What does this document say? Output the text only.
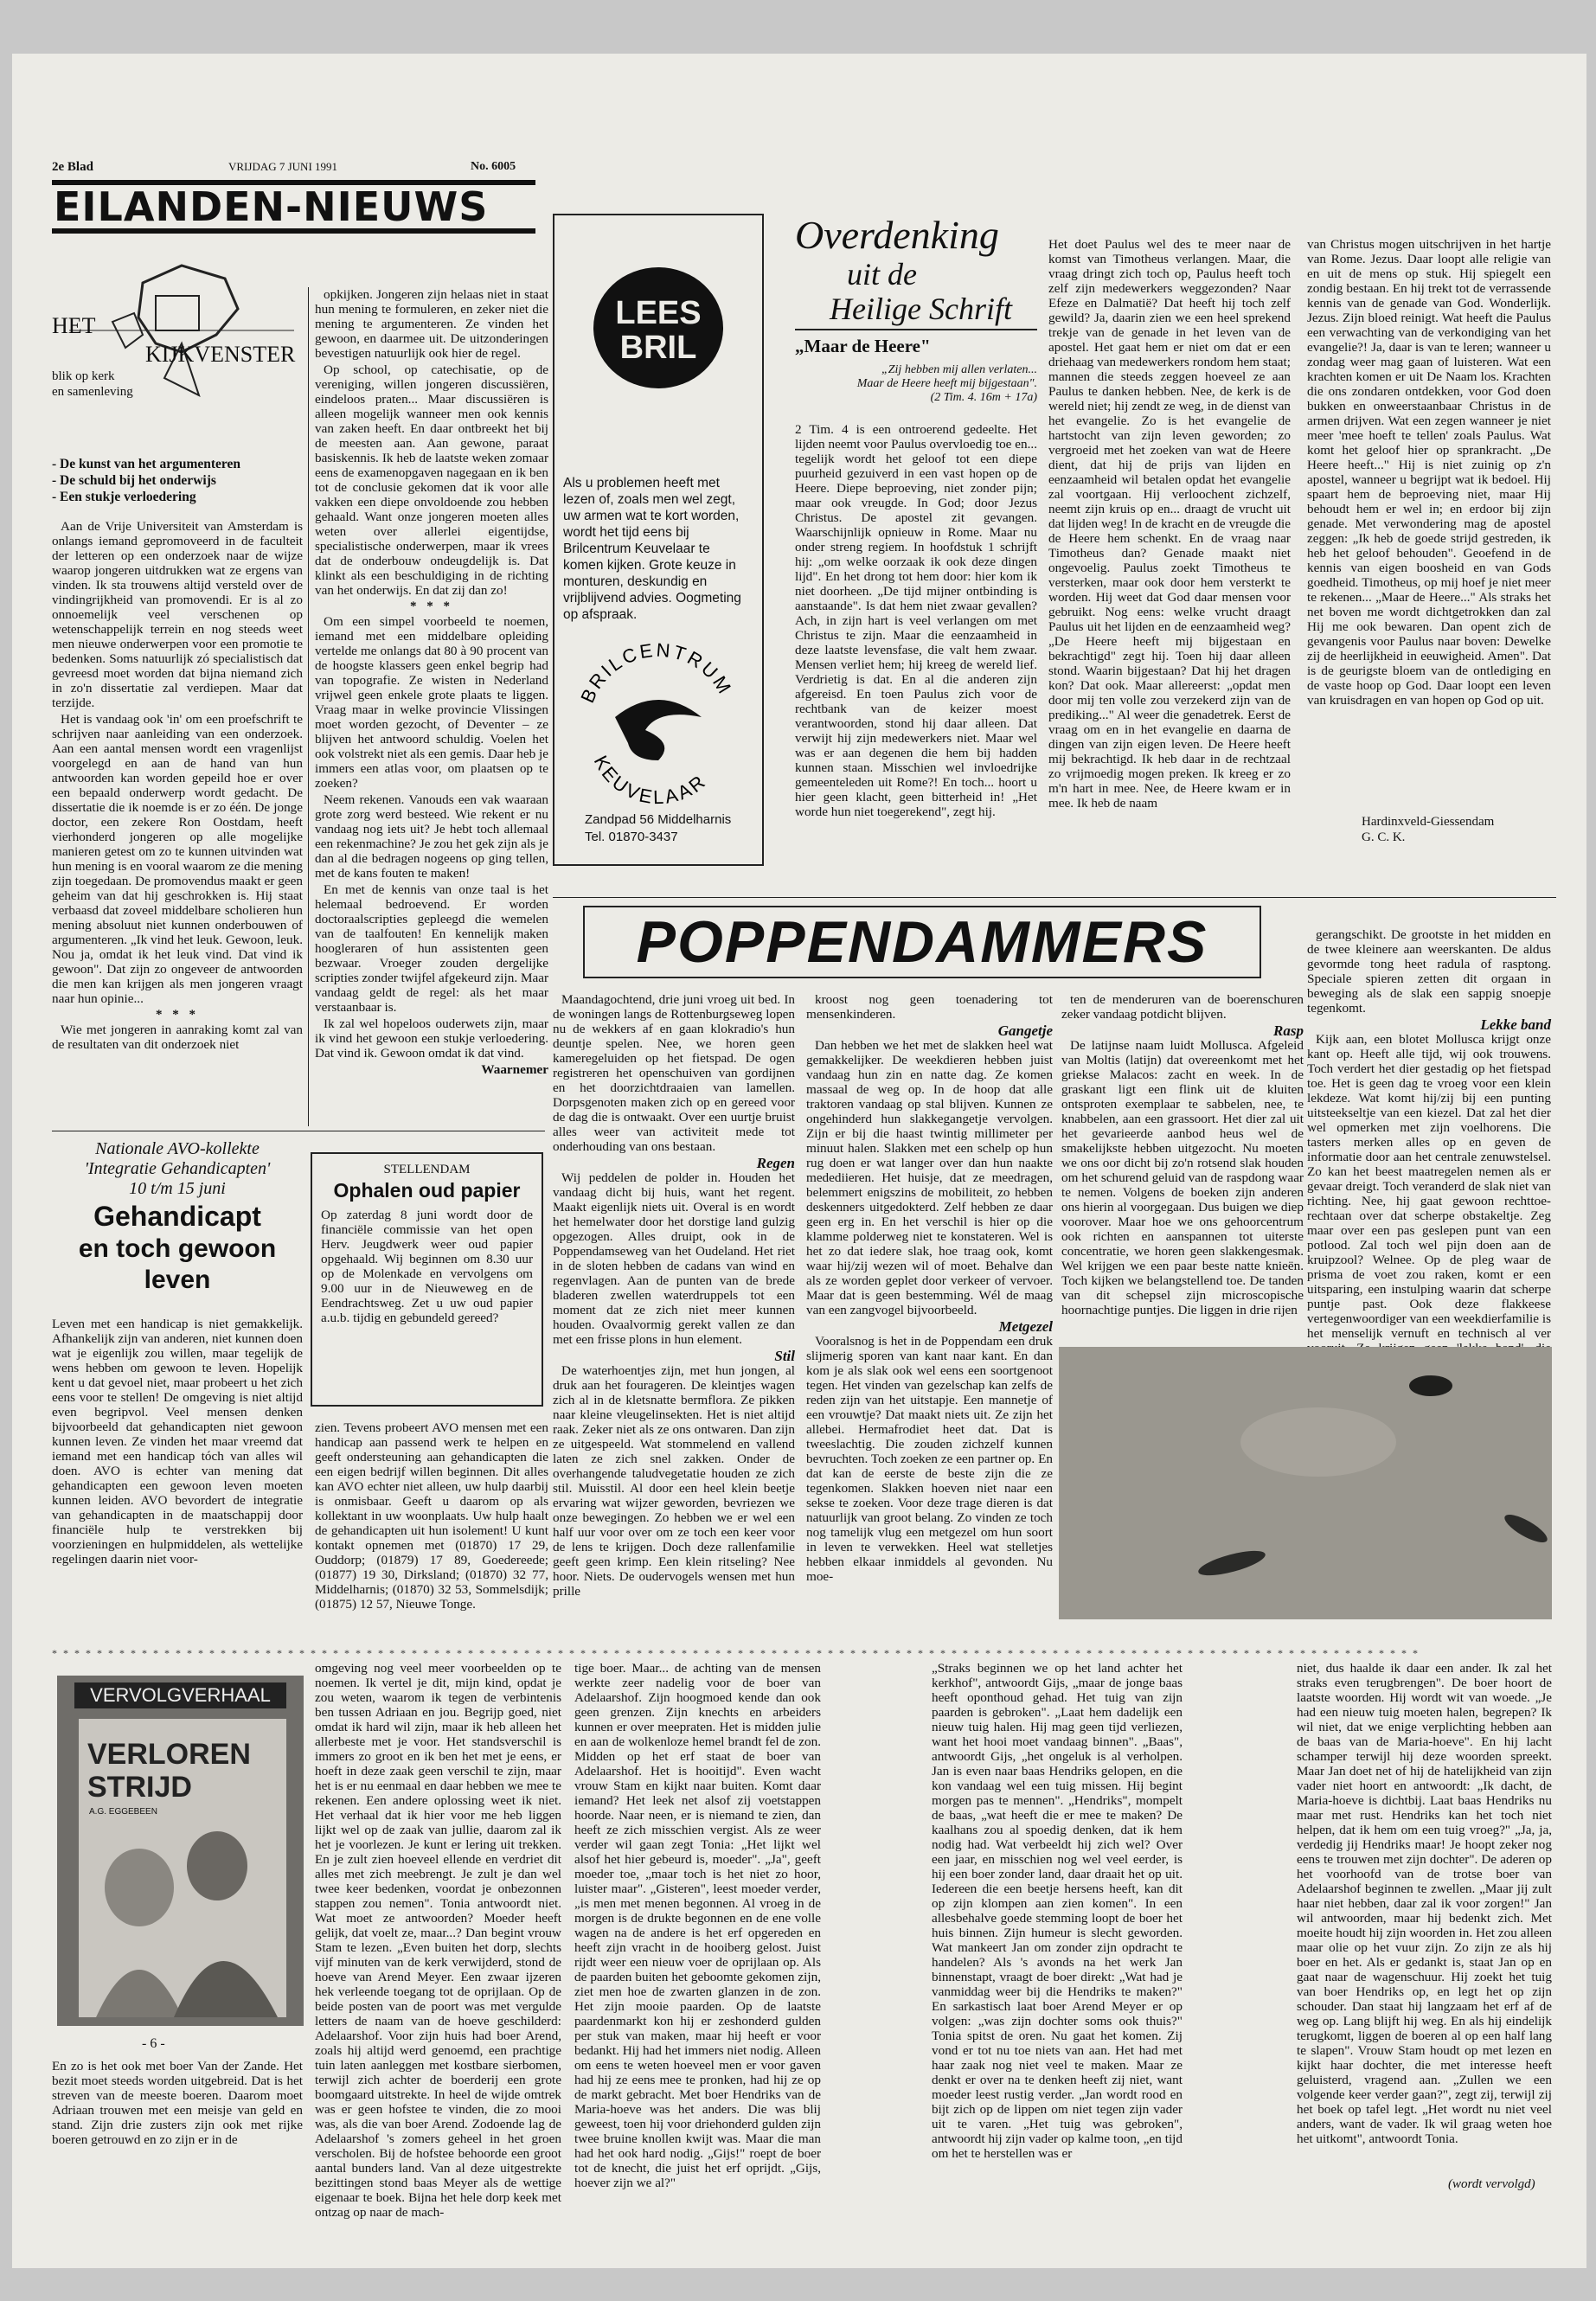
2e Blad	VRIJDAG 7 JUNI 1991	No. 6005
EILANDEN-NIEUWS
HET
KIJKVENSTER
blik op kerk
en samenleving
- De kunst van het argumenteren
- De schuld bij het onderwijs
- Een stukje verloedering

Aan de Vrije Universiteit van Amsterdam is onlangs iemand gepromoveerd in de faculteit der letteren op een onderzoek naar de wijze waarop jongeren uitdrukken wat ze ergens van vinden. Ik sta trouwens altijd versteld over de vindingrijkheid van promovendi. Er is al zo onnoemelijk veel verschenen op wetenschappelijk terrein en nog steeds weet men nieuwe onderwerpen voor een promotie te bedenken. Soms natuurlijk zó specialistisch dat gevreesd moet worden dat bijna niemand zich in zo'n dissertatie zal verdiepen. Maar dat terzijde.

Het is vandaag ook 'in' om een proefschrift te schrijven naar aanleiding van een onderzoek. Aan een aantal mensen wordt een vragenlijst voorgelegd en aan de hand van hun antwoorden kan worden gepeild hoe er over een bepaald onderwerp wordt gedacht. De dissertatie die ik noemde is er zo één. De jonge doctor, een zekere Ron Oostdam, heeft vierhonderd jongeren op alle mogelijke manieren getest om zo te kunnen uitvinden wat hun mening is en vooral waarom ze die mening zijn toegedaan. De promovendus maakt er geen geheim van dat hij geschrokken is. Hij staat verbaasd dat zoveel middelbare scholieren hun mening absoluut niet kunnen onderbouwen of argumenteren. „Ik vind het leuk. Gewoon, leuk. Nou ja, omdat ik het leuk vind. Dat vind ik gewoon". Dat zijn zo ongeveer de antwoorden die men kan krijgen als men jongeren vraagt naar hun opinie...

* * *

Wie met jongeren in aanraking komt zal van de resultaten van dit onderzoek niet

opkijken. Jongeren zijn helaas niet in staat hun mening te formuleren, en zeker niet die mening te argumenteren. Ze vinden het gewoon, en daarmee uit. De uitzonderingen bevestigen natuurlijk ook hier de regel.

Op school, op catechisatie, op de vereniging, willen jongeren discussiëren, eindeloos praten... Maar discussiëren is alleen mogelijk wanneer men ook kennis van zaken heeft. En daar ontbreekt het bij de meesten aan. Aan gewone, paraat basiskennis. Ik heb de laatste weken zomaar eens de examenopgaven nagegaan en ik ben tot de conclusie gekomen dat ik voor alle vakken een diepe onvoldoende zou hebben gehaald. Want onze jongeren moeten alles weten over allerlei eigentijdse, specialistische onderwerpen, maar ik vrees dat de onderbouw ondeugdelijk is. Dat klinkt als een beschuldiging in de richting van het onderwijs. En dat zij dan zo!

* * *

Om een simpel voorbeeld te noemen, iemand met een middelbare opleiding vertelde me onlangs dat 80 à 90 procent van de hoogste klassers geen enkel begrip had van topografie. Ze wisten in Nederland vrijwel geen enkele grote plaats te liggen. Vraag maar in welke provincie Vlissingen moet worden gezocht, of Deventer – ze blijven het antwoord schuldig. Voelen het ook volstrekt niet als een gemis. Daar heb je immers een atlas voor, om plaatsen op te zoeken?

Neem rekenen. Vanouds een vak waaraan grote zorg werd besteed. Wie rekent er nu vandaag nog iets uit? Je hebt toch allemaal een rekenmachine? Je zou het gek zijn als je dan al die bedragen nogeens op ging tellen, met de kans fouten te maken!

En met de kennis van onze taal is het helemaal bedroevend. Er worden doctoraalscripties gepleegd die wemelen van de taalfouten! En kennelijk maken hoogleraren of hun assistenten geen bezwaar. Vroeger zouden dergelijke scripties zonder twijfel afgekeurd zijn. Maar vandaag geldt de regel: als het maar verstaanbaar is.

Ik zal wel hopeloos ouderwets zijn, maar ik vind het gewoon een stukje verloedering. Dat vind ik. Gewoon omdat ik dat vind.

Waarnemer
LEES
BRIL
Als u problemen heeft met lezen of, zoals men wel zegt, uw armen wat te kort worden, wordt het tijd eens bij Brilcentrum Keuvelaar te komen kijken. Grote keuze in monturen, deskundig en vrijblijvend advies. Oogmeting op afspraak.
BRILCENTRUM
KEUVELAAR
Zandpad 56 Middelharnis
Tel. 01870-3437
Overdenking
uit de
Heilige Schrift
„Maar de Heere"
„Zij hebben mij allen verlaten...
Maar de Heere heeft mij bijgestaan".
(2 Tim. 4. 16m + 17a)
2 Tim. 4 is een ontroerend gedeelte. Het lijden neemt voor Paulus overvloedig toe en... tegelijk wordt het geloof tot een diepe puurheid gezuiverd in een vast hopen op de Heere. Diepe beproeving, niet zonder pijn; maar ook vreugde. In God; door Jezus Christus. De apostel zit gevangen. Waarschijnlijk opnieuw in Rome. Maar nu onder streng regiem. In hoofdstuk 1 schrijft hij: „om welke oorzaak ik ook deze dingen lijd". En het drong tot hem door: hier kom ik niet doorheen. „De tijd mijner ontbinding is aanstaande". Is dat hem niet zwaar gevallen? Ach, in zijn hart is veel verlangen om met Christus te zijn. Maar die eenzaamheid in deze laatste levensfase, die valt hem zwaar. Mensen verliet hem; hij kreeg de wereld lief. Verdrietig is dat. En al die anderen zijn afgereisd. En toen Paulus zich voor de rechtbank van de keizer moest verantwoorden, stond hij daar alleen. Dat verwijt hij zijn medewerkers niet. Maar wel was er aan degenen die hem bij hadden kunnen staan. Misschien wel invloedrijke gemeenteleden uit Rome?! En toch... hoort u hier geen klacht, geen bitterheid in! „Het worde hun niet toegerekend", zegt hij.
Het doet Paulus wel des te meer naar de komst van Timotheus verlangen. Maar, die vraag dringt zich toch op, Paulus heeft toch zelf zijn medewerkers weggezonden? Naar Efeze en Dalmatië? Dat heeft hij toch zelf gewild? Ja, daarin zien we een heel sprekend trekje van de genade in het leven van de apostel. Het gaat hem er niet om dat er een driehaag van medewerkers rondom hem staat; mannen die steeds zeggen hoeveel ze aan Paulus te danken hebben. Nee, de kerk is de wereld niet; hij zendt ze weg, in de dienst van het evangelie. Zo is het evangelie de hartstocht van zijn leven geworden; zo vergroeid met het zoeken van wat de Heere dient, dat hij de prijs van lijden en eenzaamheid wil betalen opdat het evangelie zal voortgaan. Hij verloochent zichzelf, neemt zijn kruis op en... draagt de vrucht uit dat lijden weg! In de kracht en de vreugde die de Heere hem schenkt. En de vraag naar Timotheus dan? Genade maakt niet ongevoelig. Paulus zoekt Timotheus te versterken, maar ook door hem versterkt te worden. Hij weet dat God daar mensen voor gebruikt. Nog eens: welke vrucht draagt Paulus uit het lijden en de eenzaamheid weg? „De Heere heeft mij bijgestaan en bekrachtigd" zegt hij. Toen hij daar alleen stond. Waarin bijgestaan? Dat hij het dragen kon? Dat ook. Maar allereerst: „opdat men door mij ten volle zou verzekerd zijn van de prediking..." Al weer die genadetrek. Eerst de vraag om en in het evangelie en daarna de dingen van zijn eigen leven. De Heere heeft mij bekrachtigd. Ik heb daar in de rechtzaal zo vrijmoedig mogen preken. Ik kreeg er zo m'n hart in mee. Nee, de Heere kwam er in mee. Ik heb de naam
van Christus mogen uitschrijven in het hartje van Rome. Jezus. Daar loopt alle religie van en uit de mens op stuk. Hij spiegelt een zondig bestaan. En hij trekt tot de verrassende kennis van de genade van God. Wonderlijk. Jezus. Zijn bloed reinigt. Wat heeft die Paulus een verwachting van de verkondiging van het evangelie?! Ja, daar is van te leren; wanneer u zondag weer mag gaan of luisteren. Wat een krachten komen er uit De Naam los. Krachten die ons zondaren ontdekken, voor God doen bukken en onweerstaanbaar Christus in de armen drijven. Wat een zegen wanneer je niet meer 'mee hoeft te tellen' zoals Paulus. Wat komt het geloof hier op sprankracht. „De Heere heeft..." Hij is niet zuinig op z'n apostel, wanneer u begrijpt wat ik bedoel. Hij spaart hem de beproeving niet, maar Hij behoudt hem er wel in; en erdoor bij zijn genade. Met verwondering mag de apostel zeggen: „Ik heb de goede strijd gestreden, ik heb het geloof behouden". Geoefend in de kennis van eigen boosheid en van Gods goedheid. Timotheus, op mij hoef je niet meer te rekenen... „Maar de Heere..." Als straks het net boven me wordt dichtgetrokken dan zal Hij me ook bewaren. Dan opent zich de gevangenis voor Paulus naar boven: Dewelke zij de heerlijkheid in eeuwigheid. Amen". Dat is de geurigste bloem van de ontlediging en de vaste hoop op God. Daar loopt een leven van kruisdragen en van hopen op God op uit.
Hardinxveld-Giessendam
G. C. K.
POPPENDAMMERS

Maandagochtend, drie juni vroeg uit bed. In de woningen langs de Rottenburgseweg lopen nu de wekkers af en gaan klokradio's hun deuntje spelen. Nee, we horen geen kameregeluiden op het fietspad. De ogen registreren het openschuiven van gordijnen en het doorzichtdraaien van lamellen. Dorpsgenoten maken zich op en gereed voor de dag die is ontwaakt. Over een uurtje bruist alles weer van activiteit mede tot onderhouding van ons bestaan.

Regen

Wij peddelen de polder in. Houden het vandaag dicht bij huis, want het regent. Maakt eigenlijk niets uit. Overal is en wordt het hemelwater door het dorstige land gulzig opgezogen. Alles druipt, ook in de Poppendamseweg van het Oudeland. Het riet in de sloten hebben de cadans van wind en regenvlagen. Aan de punten van de brede bladeren zwellen waterdruppels tot een moment dat ze zich niet meer kunnen houden. Ovaalvormig gerekt vallen ze dan met een frisse plons in hun element.

Stil

De waterhoentjes zijn, met hun jongen, al druk aan het fourageren. De kleintjes wagen zich al in de kletsnatte bermflora. Ze pikken naar kleine vleugelinsekten. Het is niet altijd raak. Zeker niet als ze ons ontwaren. Dan zijn ze uitgespeeld. Wat stommelend en vallend laten ze zich snel zakken. Onder de overhangende taludvegetatie houden ze zich stil. Muisstil. Al door een heel klein beetje ervaring wat wijzer geworden, bevriezen we onze bewegingen. Zo hebben we er wel een half uur voor over om ze toch een keer voor de lens te krijgen. Doch deze rallenfamilie geeft geen krimp. Een klein ritseling? Nee hoor. Niets. De oudervogels wensen met hun prille

kroost nog geen toenadering tot mensenkinderen.

Gangetje

Dan hebben we het met de slakken heel wat gemakkelijker. De weekdieren hebben juist vandaag hun zin en natte dag. Ze komen massaal de weg op. In de hoop dat alle traktoren vandaag op stal blijven. Kunnen ze ongehinderd hun slakkegangetje vervolgen. Zijn er bij die haast twintig millimeter per minuut halen. Slakken met een schelp op hun rug doen er wat langer over dan hun naakte medediieren. Het huisje, dat ze meedragen, belemmert enigszins de mobiliteit, zo hebben deskenners uitgedokterd. Zelf hebben ze daar geen erg in. En het verschil is hier op die klamme polderweg niet te konstateren. Wel is het zo dat iedere slak, hoe traag ook, komt waar hij/zij wezen wil of moet. Behalve dan als ze worden geplet door verkeer of vervoer. Maar dat is geen bestemming. Wél de maag van een zangvogel bijvoorbeeld.

Metgezel

Vooralsnog is het in de Poppendam een druk slijmerig sporen van kant naar kant. En dan kom je als slak ook wel eens een soortgenoot tegen. Het vinden van gezelschap kan zelfs de reden zijn van het uitstapje. Een mannetje of een vrouwtje? Dat maakt niets uit. Ze zijn het allebei. Hermafrodiet heet dat. Dat is tweeslachtig. Die zouden zichzelf kunnen bevruchten. Toch zoeken ze een partner op. En dat kan de eerste de beste zijn die ze tegenkomen. Slakken hoeven niet naar een sekse te zoeken. Voor deze trage dieren is dat natuurlijk van groot belang. Zo vinden ze toch nog tamelijk vlug een metgezel om hun soort in leven te verwekken. Heel wat stelletjes hebben elkaar inmiddels al gevonden. Nu moe-

ten de menderuren van de boerenschuren zeker vandaag potdicht blijven.

Rasp

De latijnse naam luidt Mollusca. Afgeleid van Moltis (latijn) dat overeenkomt met het griekse Malacos: zacht en week. In de graskant ligt een flink uit de kluiten ontsproten exemplaar te sabbelen, nee, te knabbelen, aan een grassoort. Het dier zal uit het gevarieerde aanbod heus wel de smakelijkste hebben uitgezocht. Nu moeten we ons oor dicht bij zo'n rotsend slak houden om het schurend geluid van de raspdong waar te nemen. Volgens de boeken zijn anderen ons hierin al voorgegaan. Dus buigen we diep voorover. Maar hoe we ons gehoorcentrum ook richten en aanspannen tot uiterste concentratie, we horen geen slakkengesmak. Wel krijgen we een paar beste natte knieën. Toch kijken we belangstellend toe. De tanden van dit schepsel zijn microscopische hoornachtige puntjes. Die liggen in drie rijen

gerangschikt. De grootste in het midden en de twee kleinere aan weerskanten. De aldus gevormde tong heet radula of rasptong. Speciale spieren zetten dit orgaan in beweging als de slak een sappig snoepje tegenkomt.

Lekke band

Kijk aan, een blotet Mollusca krijgt onze kant op. Heeft alle tijd, wij ook trouwens. Toch verdert het dier gestadig op het fietspad toe. Het is geen dag te vroeg voor een klein lekdeze. Wat komt hij/zij bij een punting uitsteekseltje van een kiezel. Dat zal het dier wel opmerken met zijn voelhorens. Die tasters merken alles op en geven de informatie door aan het centrale zenuwstelsel. Zo kan het beest maatregelen nemen als er gevaar dreigt. Toch veranderd de slak niet van richting. Nee, hij gaat gewoon rechttoe-rechtaan over dat scherpe obstakeltje. Zeg maar over een pas geslepen punt van een potlood. Zal toch wel pijn doen aan de kruipzool? Welnee. Op de pleg waar de prisma de voet zou raken, komt er een uitsparing, een instulping waarin dat scherpe puntje past. Ook deze flakkeese vertegenwoordiger van een weekdierfamilie is het menselijk vernuft en technisch al ver

Nationale AVO-kollekte
'Integratie Gehandicapten'
10 t/m 15 juni
Gehandicapt
en toch gewoon leven
Leven met een handicap is niet gemakkelijk. Afhankelijk zijn van anderen, niet kunnen doen wat je eigenlijk zou willen, maar tegelijk de wens hebben om gewoon te leven. Hopelijk kent u dat gevoel niet, maar probeert u het zich eens voor te stellen! De omgeving is niet altijd even begripvol. Veel mensen denken bijvoorbeeld dat gehandicapten niet gewoon kunnen leven. Ze vinden het maar vreemd dat iemand met een handicap tóch van alles wil doen. AVO is echter van mening dat gehandicapten een gewoon leven moeten kunnen leiden. AVO bevordert de integratie van gehandicapten in de maatschappij door financiële hulp te verstrekken bij voorzieningen en hulpmiddelen, als wettelijke regelingen daarin niet voor-
zien. Tevens probeert AVO mensen met een handicap aan passend werk te helpen en geeft ondersteuning aan gehandicapten die een eigen bedrijf willen beginnen. Dit alles kan AVO echter niet alleen, uw hulp daarbij is onmisbaar. Geeft u daarom op als kollektant in uw woonplaats. Uw hulp haalt de gehandicapten uit hun isolement! U kunt kontakt opnemen met (01870) 17 29, Ouddorp; (01879) 17 89, Goedereede; (01877) 19 30, Dirksland; (01870) 32 77, Middelharnis; (01870) 32 53, Sommelsdijk; (01875) 12 57, Nieuwe Tonge.
STELLENDAM
Ophalen oud papier
Op zaterdag 8 juni wordt door de financiële commissie van het open Herv. Jeugdwerk weer oud papier opgehaald. Wij beginnen om 8.30 uur op de Molenkade en vervolgens om 9.00 uur in de Nieuweweg en de Eendrachtsweg. Zet u uw oud papier a.u.b. tijdig en gebundeld gereed?
* * * * * * * * * * * * * * * * * * * * * * * * * * * * * * * * * * * * * * * * * * * * * * * * * * * * * * * * * * * * * * * * * * * * * * * * * * * * * * * * * * * * * * * * * * * * * * * * * * * * * * * * * * * * * * * * * * * * * * * * * *
VERVOLGVERHAAL
VERLOREN
STRIJD
A.G. EGGEBEEN
- 6 -
En zo is het ook met boer Van der Zande. Het bezit moet steeds worden uitgebreid. Dat is het streven van de meeste boeren. Daarom moet Adriaan trouwen met een meisje van geld en stand. Zijn drie zusters zijn ook met rijke boeren getrouwd en zo zijn er in de
omgeving nog veel meer voorbeelden op te noemen. Ik vertel je dit, mijn kind, opdat je zou weten, waarom ik tegen de verbintenis ben tussen Adriaan en jou. Begrijp goed, niet omdat ik hard wil zijn, maar ik heb alleen het allerbeste met je voor. Het standsverschil is immers zo groot en ik ben het met je eens, er hoeft in deze zaak geen verschil te zijn, maar het is er nu eenmaal en daar hebben we mee te rekenen. Een andere oplossing weet ik niet. Het verhaal dat ik hier voor me heb liggen lijkt wel op de zaak van jullie, daarom zal ik het je voorlezen. Je kunt er lering uit trekken. En je zult zien hoeveel ellende en verdriet dit alles met zich meebrengt. Je zult je dan wel twee keer bedenken, voordat je onbezonnen stappen zou nemen". Tonia antwoordt niet. Wat moet ze antwoorden? Moeder heeft gelijk, dat voelt ze, maar...? Dan begint vrouw Stam te lezen. „Even buiten het dorp, slechts vijf minuten van de kerk verwijderd, stond de hoeve van Arend Meyer. Een zwaar ijzeren hek verleende toegang tot de oprijlaan. Op de beide posten van de poort was met vergulde letters de naam van de hoeve geschilderd: Adelaarshof. Voor zijn huis had boer Arend, zoals hij altijd werd genoemd, een prachtige tuin laten aanleggen met kostbare sierbomen, terwijl zich achter de boerderij een grote boomgaard uitstrekte. In heel de wijde omtrek was er geen hofstee te vinden, die zo mooi was, als die van boer Arend. Zodoende lag de Adelaarshof 's zomers geheel in het groen verscholen. Bij de hofstee behoorde een groot aantal bunders land. Van al deze uitgestrekte bezittingen stond baas Meyer als de wettige eigenaar te boek. Bijna het hele dorp keek met ontzag op naar de mach-
tige boer. Maar... de achting van de mensen werkte zeer nadelig voor de boer van Adelaarshof. Zijn hoogmoed kende dan ook geen grenzen. Zijn knechts en arbeiders kunnen er over meepraten. Het is midden julie en aan de wolkenloze hemel brandt fel de zon. Midden op het erf staat de boer van Adelaarshof. Het is hooitijd". Even wacht vrouw Stam en kijkt naar buiten. Komt daar iemand? Het leek net alsof zij voetstappen hoorde. Naar neen, er is niemand te zien, dan heeft ze zich misschien vergist. Als ze weer verder wil gaan zegt Tonia: „Het lijkt wel alsof het hier gebeurd is, moeder". „Ja", geeft moeder toe, „maar toch is het niet zo hoor, luister maar". „Gisteren", leest moeder verder, „is men met menen begonnen. Al vroeg in de morgen is de drukte begonnen en de ene volle wagen na de andere is het erf opgereden en heeft zijn vracht in de hooiberg gelost. Juist rijdt weer een nieuw voer de oprijlaan op. Als de paarden buiten het geboomte gekomen zijn, ziet men hoe de zwarten glanzen in de zon. Het zijn mooie paarden. Op de laatste paardenmarkt kon hij er zeshonderd gulden per stuk van maken, maar hij heeft er voor bedankt. Hij had het immers niet nodig. Alleen om eens te weten hoeveel men er voor gaven had hij ze eens mee te pronken, had hij ze op de markt gebracht. Met boer Hendriks van de Maria-hoeve was het anders. Die was blij geweest, toen hij voor driehonderd gulden zijn twee bruine knollen kwijt was. Maar die man had het ook hard nodig. „Gijs!" roept de boer tot de knecht, die juist het erf oprijdt. „Gijs, hoever zijn we al?"
„Straks beginnen we op het land achter het kerkhof", antwoordt Gijs, „maar de jonge baas heeft oponthoud gehad. Het tuig van zijn paarden is gebroken". „Laat hem dadelijk een nieuw tuig halen. Hij mag geen tijd verliezen, want het hooi moet vandaag binnen". „Baas", antwoordt Gijs, „het ongeluk is al verholpen. Jan is even naar baas Hendriks gelopen, en die kon vandaag wel een tuig missen. Hij begint morgen pas te mennen". „Hendriks", mompelt de baas, „wat heeft die er mee te maken? De kaalhans zou al spoedig denken, dat ik hem nodig had. Wat verbeeldt hij zich wel? Over een jaar, en misschien nog wel veel eerder, is hij een boer zonder land, daar draait het op uit. Iedereen die een beetje hersens heeft, kan dit op zijn klompen aan zien komen". In een allesbehalve goede stemming loopt de boer het huis binnen. Zijn humeur is slecht geworden. Wat mankeert Jan om zonder zijn opdracht te handelen? Als 's avonds na het werk Jan binnenstapt, vraagt de boer direkt: „Wat had je vanmiddag weer bij die Hendriks te maken?" En sarkastisch laat boer Arend Meyer er op volgen: „was zijn dochter soms ook thuis?" Tonia spitst de oren. Nu gaat het komen. Zij vond er tot nu toe niets van aan. Het had met haar zaak nog niet veel te maken. Maar ze denkt er over na te denken heeft zij niet, want moeder leest rustig verder. „Jan wordt rood en bijt zich op de lippen om niet tegen zijn vader uit te varen. „Het tuig was gebroken", antwoordt hij zijn vader op kalme toon, „en tijd om het te herstellen was er
niet, dus haalde ik daar een ander. Ik zal het straks even terugbrengen". De boer hoort de laatste woorden. Hij wordt wit van woede. „Je had een nieuw tuig moeten halen, begrepen? Ik wil niet, dat we enige verplichting hebben aan de baas van de Maria-hoeve". En hij lacht schamper terwijl hij deze woorden spreekt. Maar Jan doet net of hij de hatelijkheid van zijn vader niet hoort en antwoordt: „Ik dacht, de Maria-hoeve is dichtbij. Laat baas Hendriks nu maar met rust. Hendriks kan het toch niet helpen, dat ik hem om een tuig vroeg?" „Ja, ja, verdedig jij Hendriks maar! Je hoopt zeker nog eens te trouwen met zijn dochter". De aderen op het voorhoofd van de trotse boer van Adelaarshof beginnen te zwellen. „Maar jij zult haar niet hebben, daar zal ik voor zorgen!" Jan wil antwoorden, maar hij bedenkt zich. Met moeite houdt hij zijn woorden in. Het zou alleen maar olie op het vuur zijn. Zo zijn ze als hij boer en het. Als er gedankt is, staat Jan op en gaat naar de wagenschuur. Hij zoekt het tuig van boer Hendriks op, en legt het op zijn schouder. Dan staat hij langzaam het erf af de weg op. Lang blijft hij weg. En als hij eindelijk terugkomt, liggen de boeren al op een half lang te slapen". Vrouw Stam houdt op met lezen en kijkt haar dochter, die met interesse heeft geluisterd, vragend aan. „Zullen we een volgende keer verder gaan?", zegt zij, terwijl zij het boek op tafel legt. „Het wordt nu niet veel anders, want de vader. Ik wil graag weten hoe het uitkomt", antwoordt Tonia.
(wordt vervolgd)
